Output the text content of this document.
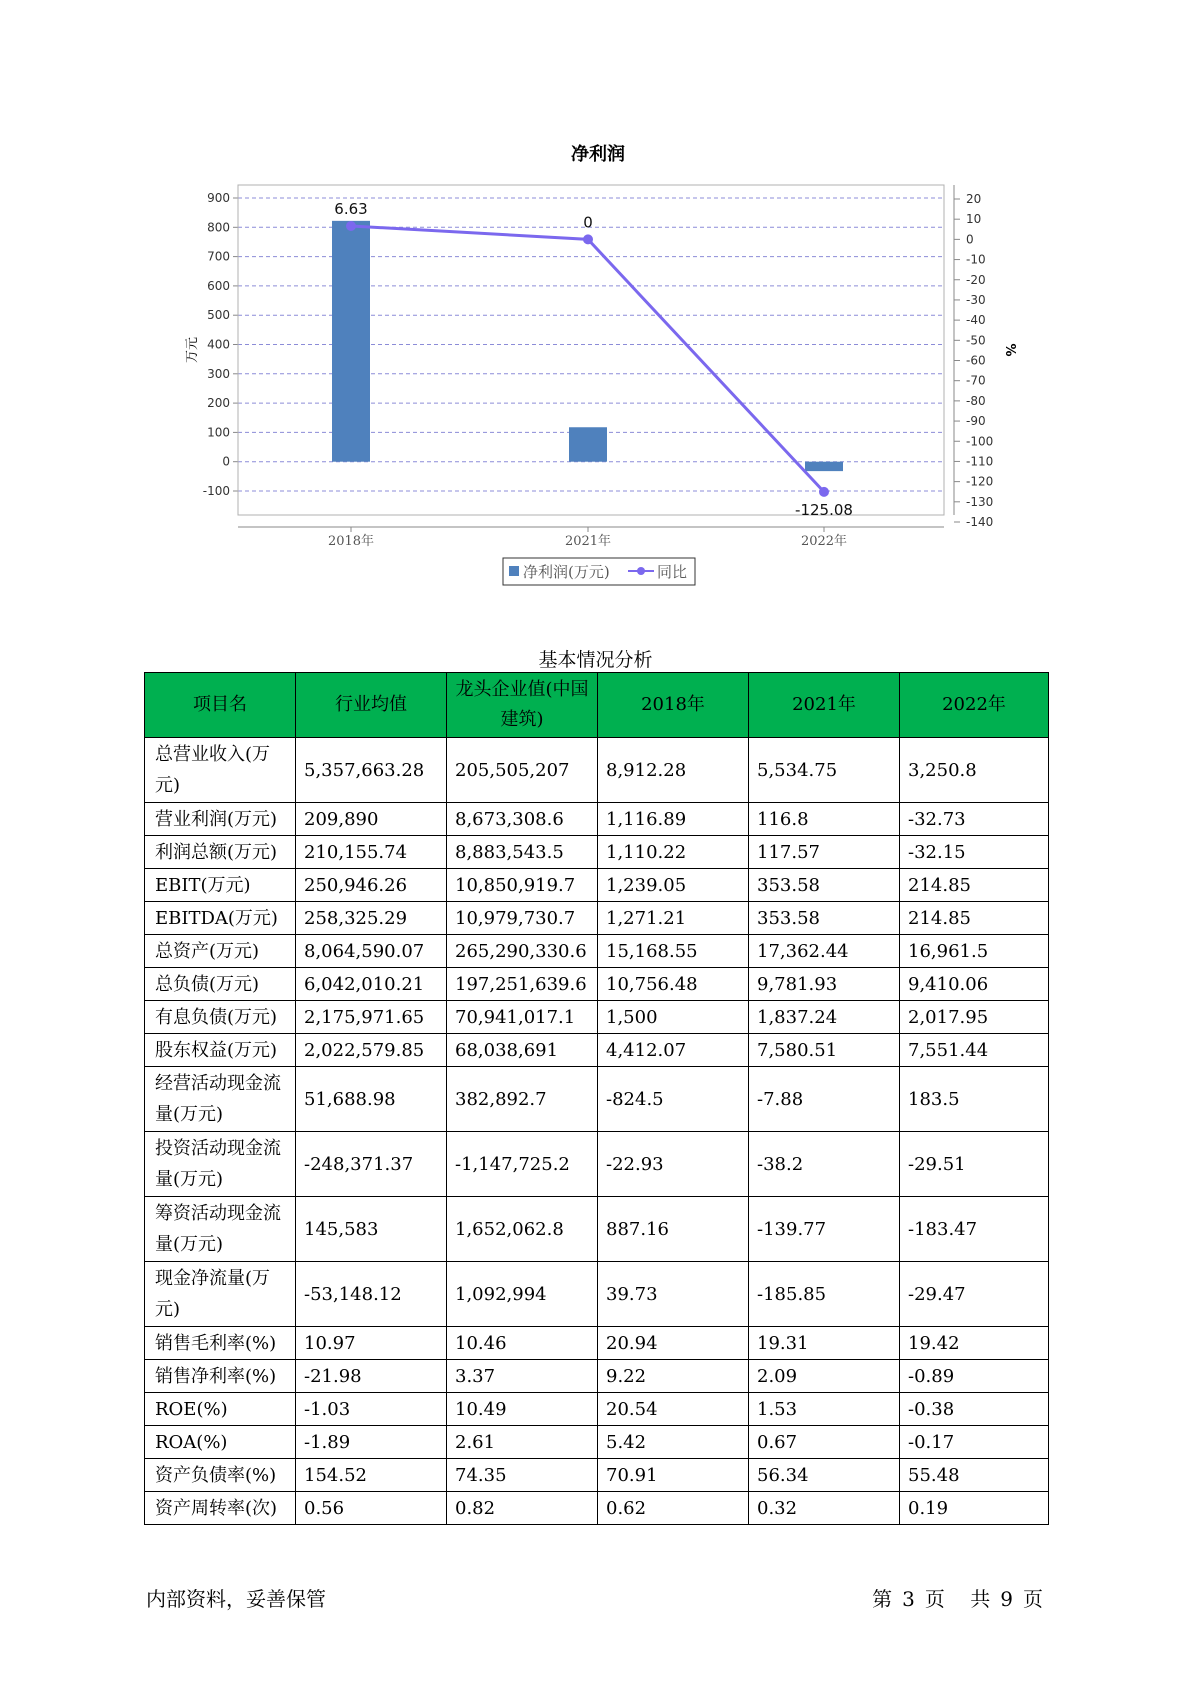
净利润
900
800
700
600
500
400
300
200
100
0
-100
20
10
0
-10
-20
-30
-40
-50
-60
-70
-80
-90
-100
-110
-120
-130
-140
万元	%
2018年	2021年	2022年
6.63
0
-125.08
净利润(万元)	同比
基本情况分析
项目名	行业均值	龙头企业值(中国建筑)	2018年	2021年	2022年
总营业收入(万元)	5,357,663.28	205,505,207	8,912.28	5,534.75	3,250.8
营业利润(万元)	209,890	8,673,308.6	1,116.89	116.8	-32.73
利润总额(万元)	210,155.74	8,883,543.5	1,110.22	117.57	-32.15
EBIT(万元)	250,946.26	10,850,919.7	1,239.05	353.58	214.85
EBITDA(万元)	258,325.29	10,979,730.7	1,271.21	353.58	214.85
总资产(万元)	8,064,590.07	265,290,330.6	15,168.55	17,362.44	16,961.5
总负债(万元)	6,042,010.21	197,251,639.6	10,756.48	9,781.93	9,410.06
有息负债(万元)	2,175,971.65	70,941,017.1	1,500	1,837.24	2,017.95
股东权益(万元)	2,022,579.85	68,038,691	4,412.07	7,580.51	7,551.44
经营活动现金流量(万元)	51,688.98	382,892.7	-824.5	-7.88	183.5
投资活动现金流量(万元)	-248,371.37	-1,147,725.2	-22.93	-38.2	-29.51
筹资活动现金流量(万元)	145,583	1,652,062.8	887.16	-139.77	-183.47
现金净流量(万元)	-53,148.12	1,092,994	39.73	-185.85	-29.47
销售毛利率(%)	10.97	10.46	20.94	19.31	19.42
销售净利率(%)	-21.98	3.37	9.22	2.09	-0.89
ROE(%)	-1.03	10.49	20.54	1.53	-0.38
ROA(%)	-1.89	2.61	5.42	0.67	-0.17
资产负债率(%)	154.52	74.35	70.91	56.34	55.48
资产周转率(次)	0.56	0.82	0.62	0.32	0.19
内部资料，妥善保管	第 3 页 共 9 页
